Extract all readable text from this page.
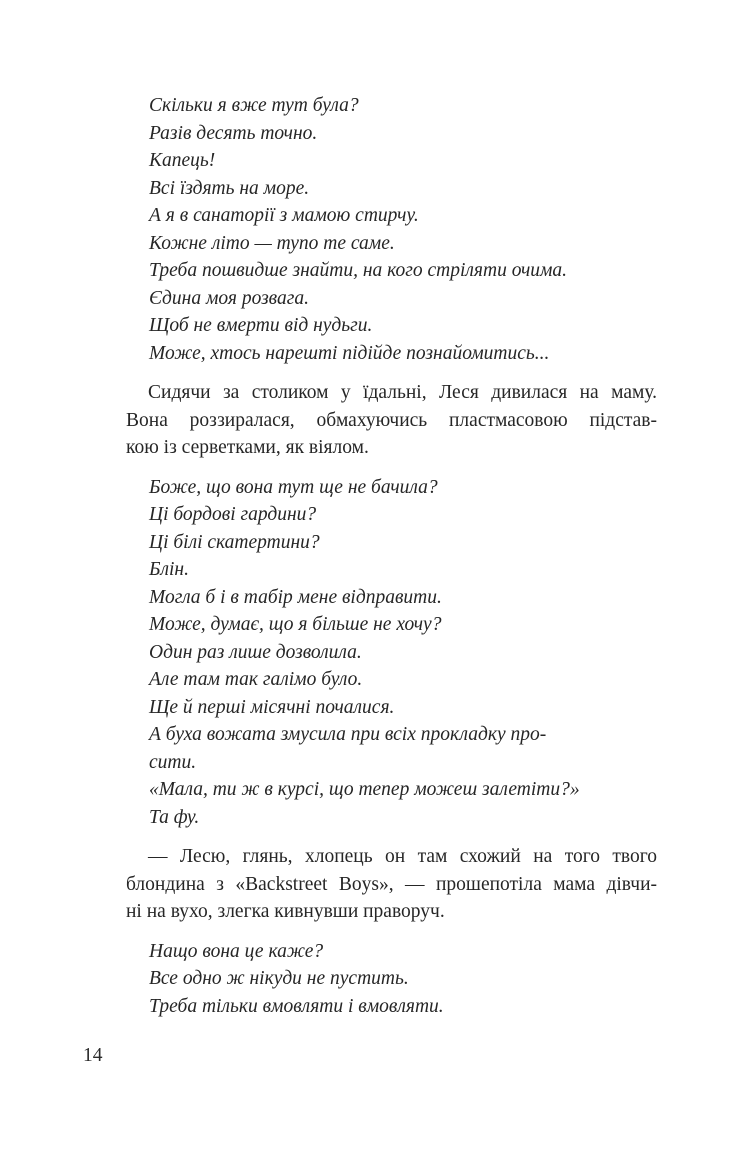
Скільки я вже тут була?
Разів десять точно.
Капець!
Всі їздять на море.
А я в санаторії з мамою стирчу.
Кожне літо — тупо те саме.
Треба пошвидше знайти, на кого стріляти очима.
Єдина моя розвага.
Щоб не вмерти від нудьги.
Може, хтось нарешті підійде познайомитись...
Сидячи за столиком у їдальні, Леся дивилася на маму.
Вона роззиралася, обмахуючись пластмасовою підстав-
кою із серветками, як віялом.
Боже, що вона тут ще не бачила?
Ці бордові гардини?
Ці білі скатертини?
Блін.
Могла б і в табір мене відправити.
Може, думає, що я більше не хочу?
Один раз лише дозволила.
Але там так галімо було.
Ще й перші місячні почалися.
А буха вожата змусила при всіх прокладку про-
сити.
«Мала, ти ж в курсі, що тепер можеш залетіти?»
Та фу.
— Лесю, глянь, хлопець он там схожий на того твого
блондина з «Backstreet Boys», — прошепотіла мама дівчи-
ні на вухо, злегка кивнувши праворуч.
Нащо вона це каже?
Все одно ж нікуди не пустить.
Треба тільки вмовляти і вмовляти.
14
